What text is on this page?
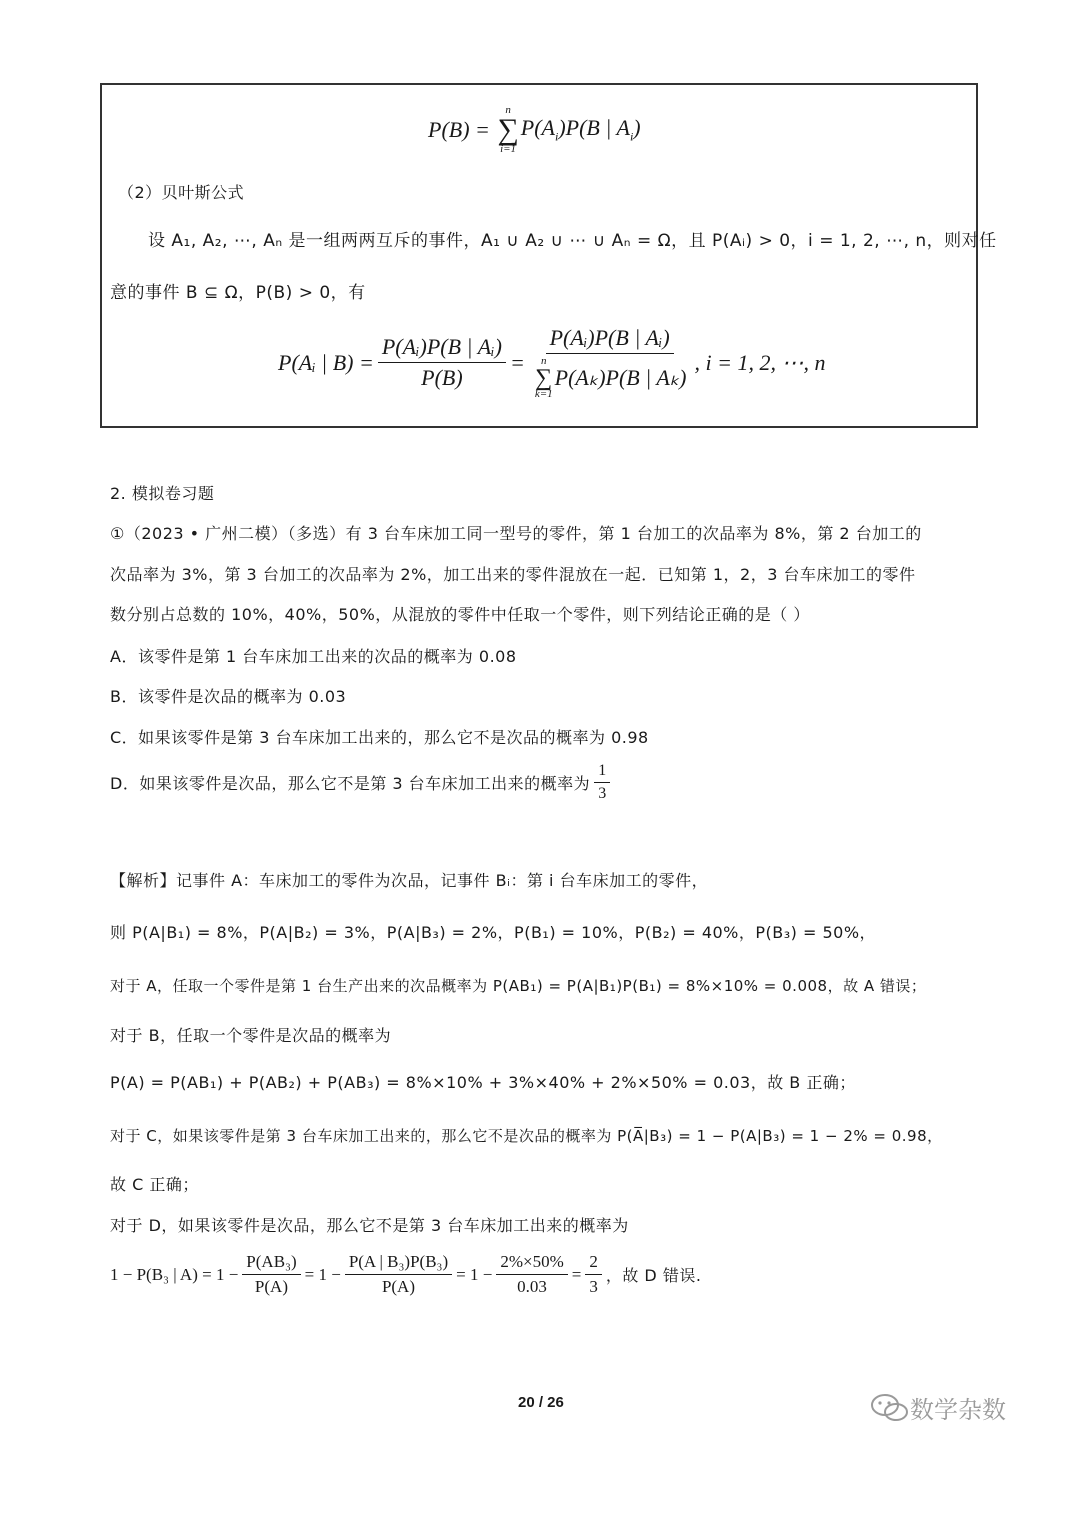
P(B) =
n
∑
i=1
$P(A_i)P(B$ | $A_i$)
（2）贝叶斯公式
设 A₁, A₂, ⋯, Aₙ 是一组两两互斥的事件，A₁ ∪ A₂ ∪ ⋯ ∪ Aₙ = Ω，且 P(Aᵢ) > 0，i = 1, 2, ⋯, n，则对任
意的事件 B ⊆ Ω，P(B) > 0，有
P(Aᵢ | $B) = \frac{\text{P(Aᵢ)P(B | Aᵢ)}}{P(B)}$ = P(Aᵢ)P(B | Aᵢ)
n
∑
k=1
P(Aₖ)P(B | Aₖ) , i = 1, 2, ⋯, n
2. 模拟卷习题
①（2023 • 广州二模）（多选）有 3 台车床加工同一型号的零件，第 1 台加工的次品率为 8%，第 2 台加工的
次品率为 3%，第 3 台加工的次品率为 2%，加工出来的零件混放在一起．已知第 1，2，3 台车床加工的零件
数分别占总数的 10%，40%，50%，从混放的零件中任取一个零件，则下列结论正确的是（ ）
A．该零件是第 1 台车床加工出来的次品的概率为 0.08
B．该零件是次品的概率为 0.03
C．如果该零件是第 3 台车床加工出来的，那么它不是次品的概率为 0.98
D．如果该零件是次品，那么它不是第 3 台车床加工出来的概率为 $\frac{1}{3}$
【解析】记事件 A：车床加工的零件为次品，记事件 Bᵢ：第 i 台车床加工的零件，
则 P(A|B₁) = 8%，P(A|B₂) = 3%，P(A|B₃) = 2%，P(B₁) = 10%，P(B₂) = 40%，P(B₃) = 50%，
对于 A，任取一个零件是第 1 台生产出来的次品概率为 P(AB₁) = P(A|B₁)P(B₁) = 8%×10% = 0.008，故 A 错误；
对于 B，任取一个零件是次品的概率为
P(A) = P(AB₁) + P(AB₂) + P(AB₃) = 8%×10% + 3%×40% + 2%×50% = 0.03，故 B 正确；
对于 C，如果该零件是第 3 台车床加工出来的，那么它不是次品的概率为 P(A̅|B₃) = 1 − P(A|B₃) = 1 − 2% = 0.98，
故 C 正确；
对于 D，如果该零件是次品，那么它不是第 3 台车床加工出来的概率为
1 − P(B₃ | $A) = 1 - \frac{\text{P(AB₃)}}{P(A)} = 1 - \frac{\text{P(A | B₃)P(B₃)}}{P(A)} = 1 - \frac{2\%\times 50\%}{0.03} = \frac{2}{3}$ ，故 D 错误.
20 / 26	数学杂数
